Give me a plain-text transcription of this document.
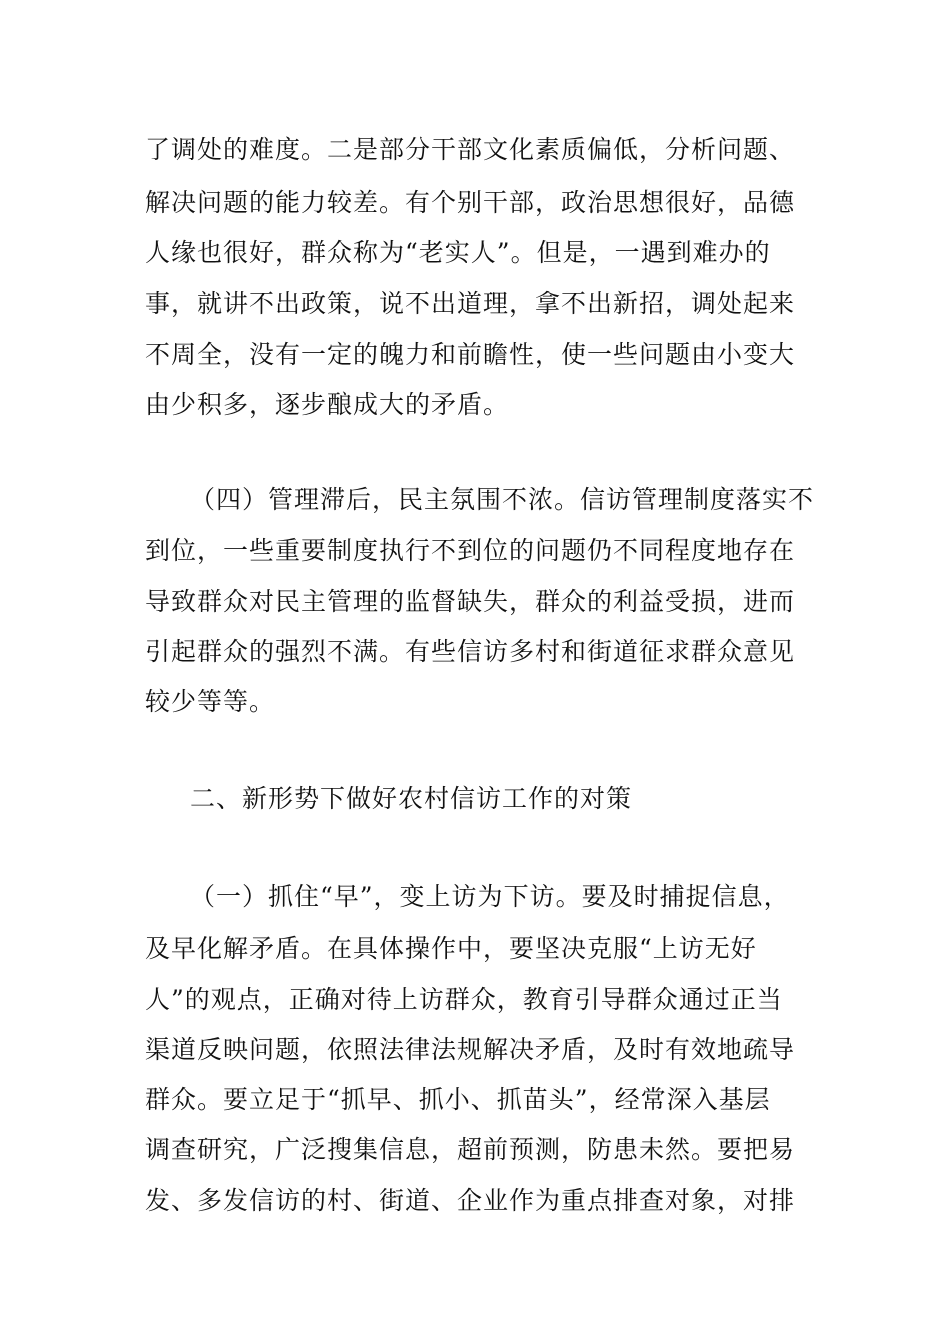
了调处的难度。二是部分干部文化素质偏低，分析问题、
解决问题的能力较差。有个别干部，政治思想很好，品德
人缘也很好，群众称为“老实人”。但是，一遇到难办的
事，就讲不出政策，说不出道理，拿不出新招，调处起来
不周全，没有一定的魄力和前瞻性，使一些问题由小变大
由少积多，逐步酿成大的矛盾。
（四）管理滞后，民主氛围不浓。信访管理制度落实不
到位，一些重要制度执行不到位的问题仍不同程度地存在
导致群众对民主管理的监督缺失，群众的利益受损，进而
引起群众的强烈不满。有些信访多村和街道征求群众意见
较少等等。
二、新形势下做好农村信访工作的对策
（一）抓住“早”，变上访为下访。要及时捕捉信息，
及早化解矛盾。在具体操作中，要坚决克服“上访无好
人”的观点，正确对待上访群众，教育引导群众通过正当
渠道反映问题，依照法律法规解决矛盾，及时有效地疏导
群众。要立足于“抓早、抓小、抓苗头”，经常深入基层
调查研究，广泛搜集信息，超前预测，防患未然。要把易
发、多发信访的村、街道、企业作为重点排查对象，对排
